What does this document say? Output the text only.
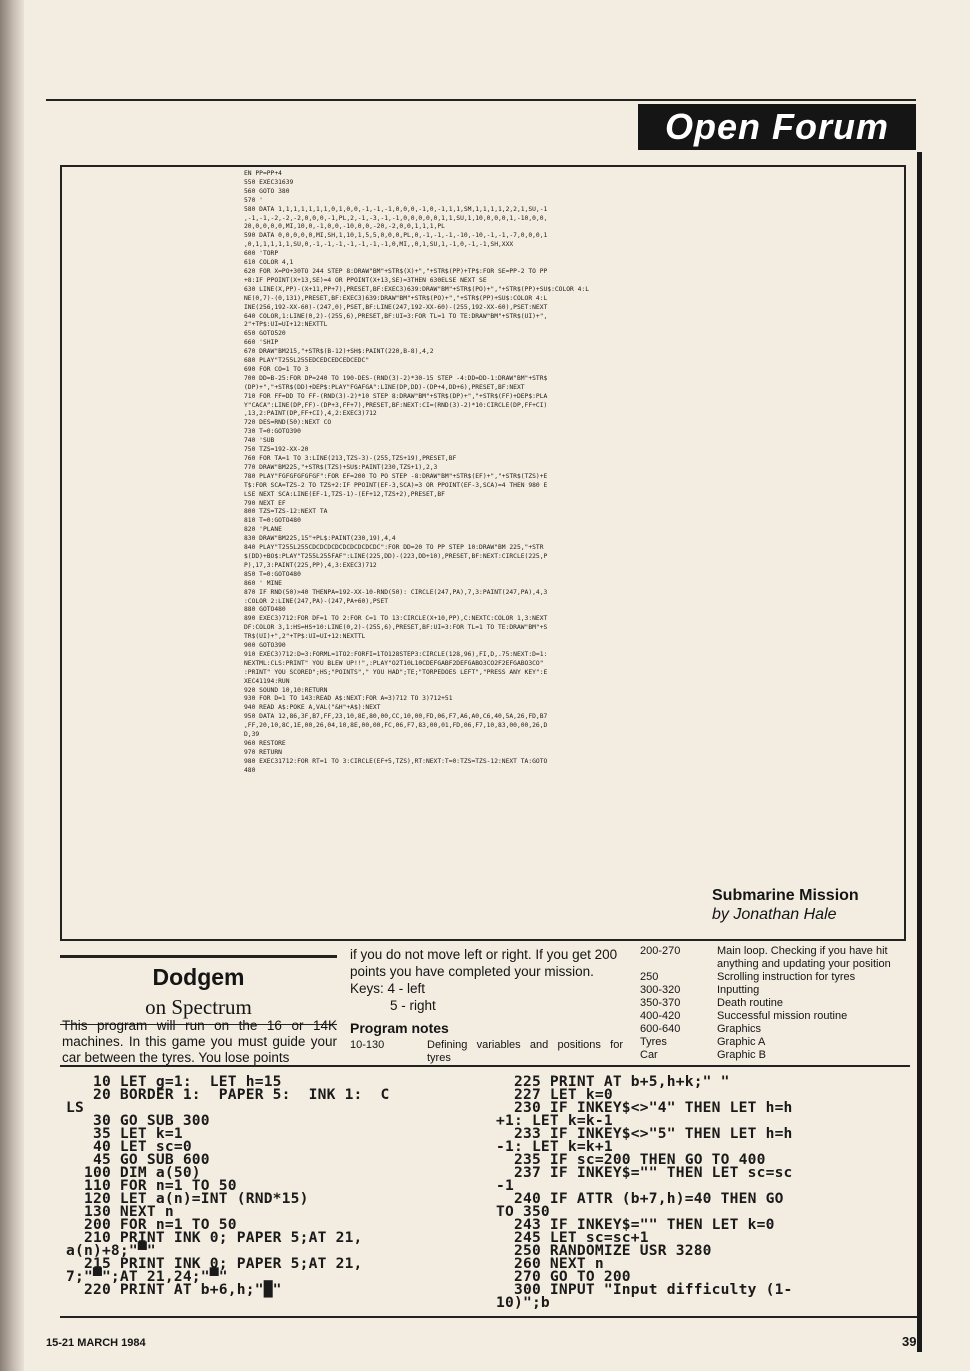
Open Forum
EN PP=PP+4
550 EXEC31639
560 GOTO 380
570 '
580 DATA 1,1,1,1,1,1,1,0,1,0,0,-1,-1,-1,0,0,0,-1,0,-1,1,1,SM,1,1,1,1,2,2,1,SU,-1
,-1,-1,-2,-2,-2,0,0,0,-1,PL,2,-1,-3,-1,-1,0,0,0,0,0,1,1,SU,1,10,0,0,0,1,-10,0,0,
20,0,0,0,0,MI,10,0,-1,0,0,-10,0,0,-20,-2,0,0,1,1,1,PL
590 DATA 0,0,0,0,0,MI,SH,1,10,1,5,5,0,0,0,PL,0,-1,-1,-1,-10,-10,-1,-1,-7,0,0,0,1
,0,1,1,1,1,1,SU,0,-1,-1,-1,-1,-1,-1,-1,0,MI,,0,1,SU,1,-1,0,-1,-1,SH,XXX
600 'TORP
610 COLOR 4,1
620 FOR X=PO+30TO 244 STEP 8:DRAW"BM"+STR$(X)+","+STR$(PP)+TP$:FOR SE=PP-2 TO PP
+8:IF PPOINT(X+13,SE)=4 OR PPOINT(X+13,SE)=3THEN 630ELSE NEXT SE
630 LINE(X,PP)-(X+11,PP+7),PRESET,BF:EXEC3)639:DRAW"BM"+STR$(PO)+","+STR$(PP)+SU$:COLOR 4:L
NE(0,7)-(0,131),PRESET,BF:EXEC3)639:DRAW"BM"+STR$(PO)+","+STR$(PP)+SU$:COLOR 4:L
INE(256,192-XX-60)-(247,0),PSET,BF:LINE(247,192-XX-60)-(255,192-XX-60),PSET:NEXT
640 COLOR,1:LINE(0,2)-(255,6),PRESET,BF:UI=3:FOR TL=1 TO TE:DRAW"BM"+STR$(UI)+",
2"+TP$:UI=UI+12:NEXTTL
650 GOTO520
660 'SHIP
670 DRAW"BM215,"+STR$(B-12)+SH$:PAINT(220,B-8),4,2
680 PLAY"T255L255EDCEDCEDCEDCEDC"
690 FOR CO=1 TO 3
700 DD=B-25:FOR DP=240 TO 190-DES-(RND(3)-2)*30-15 STEP -4:DD=DD-1:DRAW"BM"+STR$
(DP)+","+STR$(DD)+DEP$:PLAY"FGAFGA":LINE(DP,DD)-(DP+4,DD+6),PRESET,BF:NEXT
710 FOR FF=DD TO FF-(RND(3)-2)*10 STEP 8:DRAW"BM"+STR$(DP)+","+STR$(FF)+DEP$:PLA
Y"CACA":LINE(DP,FF)-(DP+3,FF+7),PRESET,BF:NEXT:CI=(RND(3)-2)*10:CIRCLE(DP,FF+CI)
,13,2:PAINT(DP,FF+CI),4,2:EXEC3)712
720 DES=RND(50):NEXT CO
730 T=0:GOTO390
740 'SUB
750 TZS=192-XX-20
760 FOR TA=1 TO 3:LINE(213,TZS-3)-(255,TZS+19),PRESET,BF
770 DRAW"BM225,"+STR$(TZS)+SU$:PAINT(230,TZS+1),2,3
780 PLAY"FGFGFGFGFGF":FOR EF=200 TO PO STEP -8:DRAW"BM"+STR$(EF)+","+STR$(TZS)+E
T$:FOR SCA=TZS-2 TO TZS+2:IF PPOINT(EF-3,SCA)=3 OR PPOINT(EF-3,SCA)=4 THEN 980 E
LSE NEXT SCA:LINE(EF-1,TZS-1)-(EF+12,TZS+2),PRESET,BF
790 NEXT EF
800 TZS=TZS-12:NEXT TA
810 T=0:GOTO480
820 'PLANE
830 DRAW"BM225,15"+PL$:PAINT(230,19),4,4
840 PLAY"T255L255CDCDCDCDCDCDCDCDCDC":FOR DD=20 TO PP STEP 10:DRAW"BM 225,"+STR
$(DD)+BO$:PLAY"T255L255FAF":LINE(225,DD)-(223,DD+10),PRESET,BF:NEXT:CIRCLE(225,P
P),17,3:PAINT(225,PP),4,3:EXEC3)712
850 T=0:GOTO480
860 ' MINE
870 IF RND(50)>40 THENPA=192-XX-10-RND(50): CIRCLE(247,PA),7,3:PAINT(247,PA),4,3
:COLOR 2:LINE(247,PA)-(247,PA+60),PSET
880 GOTO480
890 EXEC3)712:FOR DF=1 TO 2:FOR C=1 TO 13:CIRCLE(X+10,PP),C:NEXTC:COLOR 1,3:NEXT
DF:COLOR 3,1:HS=HS+10:LINE(0,2)-(255,6),PRESET,BF:UI=3:FOR TL=1 TO TE:DRAW"BM"+S
TR$(UI)+",2"+TP$:UI=UI+12:NEXTTL
900 GOTO390
910 EXEC3)712:D=3:FORML=1TO2:FORFI=1TO128STEP3:CIRCLE(128,96),FI,D,.75:NEXT:D=1:
NEXTML:CLS:PRINT" YOU BLEW UP!!",:PLAY"O2T10L10CDEFGABF2DEFGABO3CO2F2EFGABO3CO"
:PRINT" YOU SCORED";HS;"POINTS"," YOU HAD";TE;"TORPEDOES LEFT","PRESS ANY KEY":E
XEC41194:RUN
920 SOUND 10,10:RETURN
930 FOR D=1 TO 143:READ A$:NEXT:FOR A=3)712 TO 3)712+51
940 READ A$:POKE A,VAL("&H"+A$):NEXT
950 DATA 12,86,3F,B7,FF,23,10,8E,80,00,CC,10,00,FD,06,F7,A6,A0,C6,40,5A,26,FD,B7
,FF,20,10,8C,1E,00,26,04,10,8E,00,00,FC,06,F7,83,00,01,FD,06,F7,10,83,00,00,26,D
D,39
960 RESTORE
970 RETURN
980 EXEC31712:FOR RT=1 TO 3:CIRCLE(EF+5,TZS),RT:NEXT:T=0:TZS=TZS-12:NEXT TA:GOTO
480
Submarine Mission
by Jonathan Hale
Dodgem
on Spectrum
This program will run on the 16 or 14K machines. In this game you must guide your car between the tyres. You lose points
if you do not move left or right. If you get 200 points you have completed your mission.
Keys: 4 - left
5 - right
Program notes
10-130	Defining variables and positions for tyres
200-270

250
300-320
350-370
400-420
600-640
Tyres
Car
Main loop. Checking if you have hit anything and updating your position
Scrolling instruction for tyres
Inputting
Death routine
Successful mission routine
Graphics
Graphic A
Graphic B
10 LET g=1:  LET h=15
20 BORDER 1:  PAPER 5:  INK 1:  C
LS
30 GO SUB 300
35 LET k=1
40 LET sc=0
45 GO SUB 600
100 DIM a(50)
110 FOR n=1 TO 50
120 LET a(n)=INT (RND*15)
130 NEXT n
200 FOR n=1 TO 50
210 PRINT INK 0; PAPER 5;AT 21,
a(n)+8;"▀"
215 PRINT INK 0; PAPER 5;AT 21,
7;"▀";AT 21,24;"▀"
220 PRINT AT b+6,h;"█"
225 PRINT AT b+5,h+k;" "
227 LET k=0
230 IF INKEY$<>"4" THEN LET h=h
+1: LET k=k-1
233 IF INKEY$<>"5" THEN LET h=h
-1: LET k=k+1
235 IF sc=200 THEN GO TO 400
237 IF INKEY$="" THEN LET sc=sc
-1
240 IF ATTR (b+7,h)=40 THEN GO
TO 350
243 IF INKEY$="" THEN LET k=0
245 LET sc=sc+1
250 RANDOMIZE USR 3280
260 NEXT n
270 GO TO 200
300 INPUT "Input difficulty (1-
10)";b
15-21 MARCH 1984	39
